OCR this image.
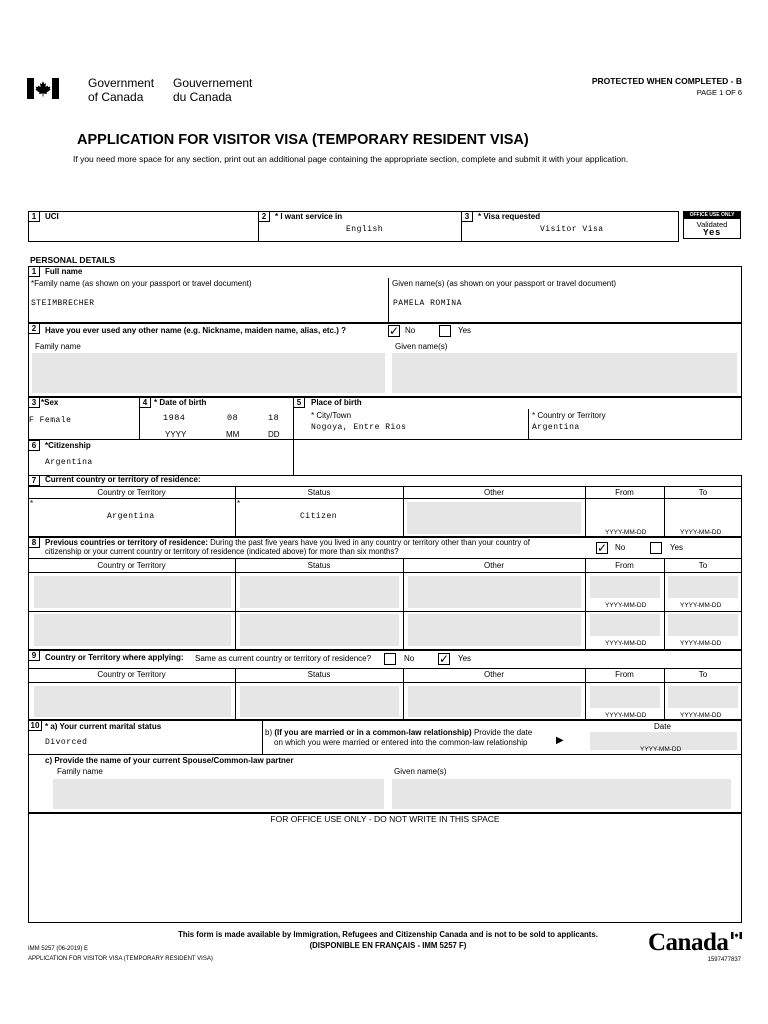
Government
of Canada
Gouvernement
du Canada
PROTECTED WHEN COMPLETED - B
PAGE 1 OF 6
APPLICATION FOR VISITOR VISA (TEMPORARY RESIDENT VISA)
If you need more space for any section, print out an additional page containing the appropriate section, complete and submit it with your application.
1	UCI	2	* I want service in
English
3	* Visa requested
Visitor Visa
OFFICE USE ONLY
Validated
Yes
PERSONAL DETAILS
1	Full name
*Family name (as shown on your passport or travel document)
STEIMBRECHER
Given name(s) (as shown on your passport or travel document)
PAMELA ROMINA
2	Have you ever used any other name (e.g. Nickname, maiden name, alias, etc.) ?	✓ No	Yes
Family name	Given name(s)
3 *Sex
F Female
4 * Date of birth
1984	08	18
YYYY	MM	DD
5	Place of birth
* City/Town
Nogoya, Entre Rios
* Country or Territory
Argentina
6	*Citizenship
Argentina
7	Current country or territory of residence:
Country or Territory	Status	Other	From	To
*	*
Argentina	Citizen
YYYY-MM-DD	YYYY-MM-DD
8	Previous countries or territory of residence: During the past five years have you lived in any country or territory other than your country of
citizenship or your current country or territory of residence (indicated above) for more than six months?	✓ No	Yes
Country or Territory	Status	Other	From	To
YYYY-MM-DD	YYYY-MM-DD
YYYY-MM-DD	YYYY-MM-DD
9	Country or Territory where applying: Same as current country or territory of residence?	No ✓ Yes
Country or Territory	Status	Other	From	To
YYYY-MM-DD	YYYY-MM-DD
10 * a) Your current marital status
Divorced
b) (If you are married or in a common-law relationship) Provide the date
on which you were married or entered into the common-law relationship	▶
Date
YYYY-MM-DD
c) Provide the name of your current Spouse/Common-law partner
Family name	Given name(s)
FOR OFFICE USE ONLY - DO NOT WRITE IN THIS SPACE
This form is made available by Immigration, Refugees and Citizenship Canada and is not to be sold to applicants.
(DISPONIBLE EN FRANÇAIS - IMM 5257 F)
IMM 5257 (06-2019) E
APPLICATION FOR VISITOR VISA (TEMPORARY RESIDENT VISA)
Canada
1597477837
